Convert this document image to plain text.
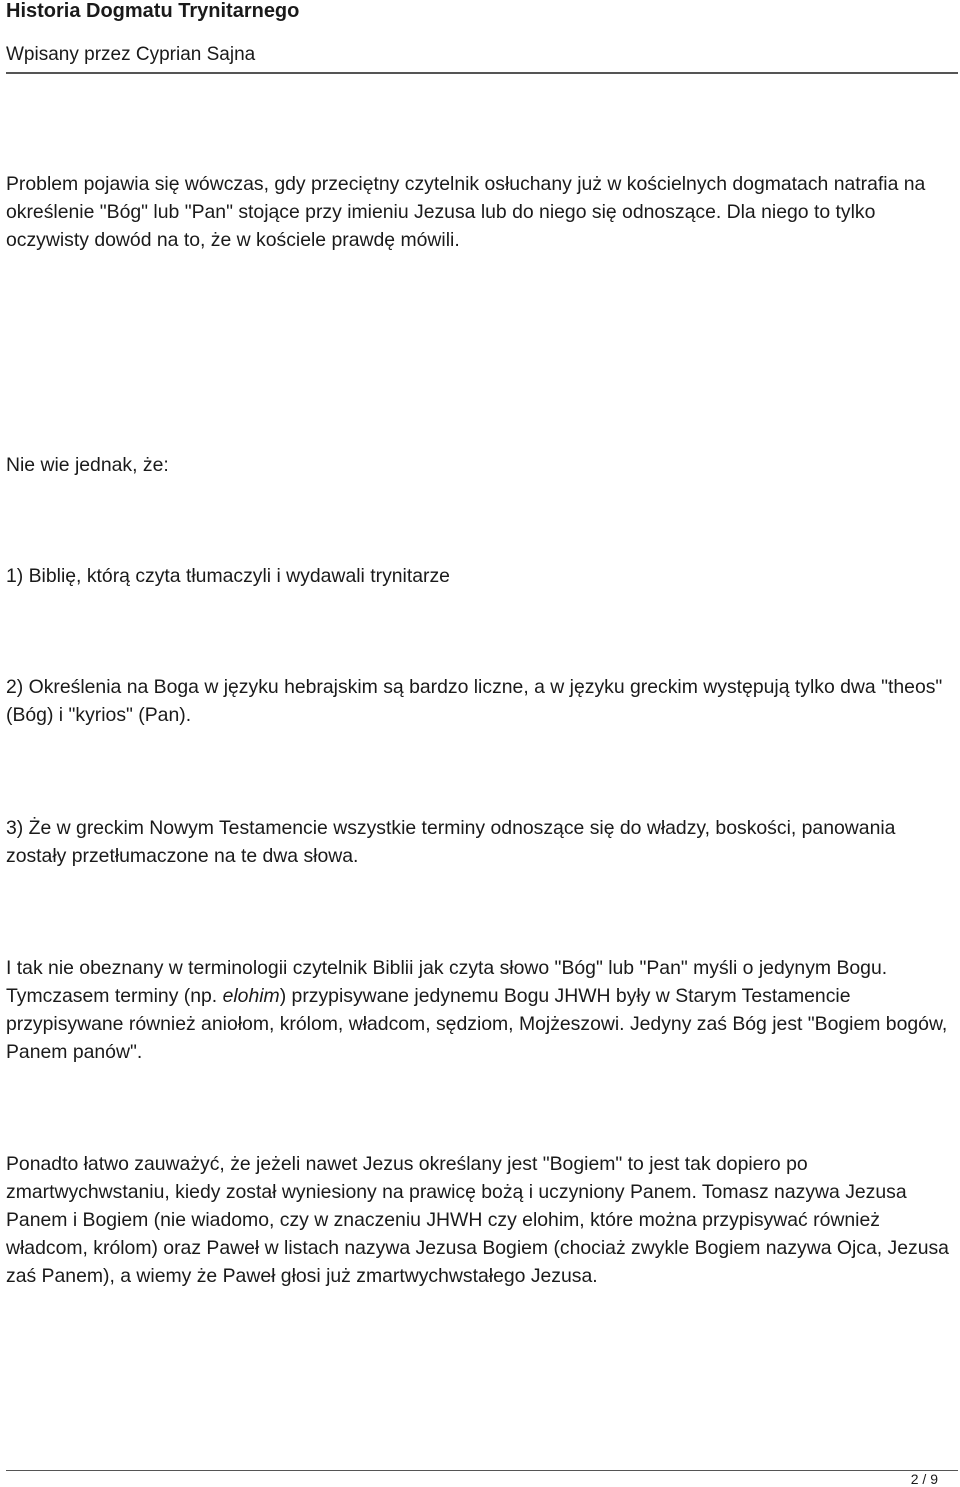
Historia Dogmatu Trynitarnego
Wpisany przez Cyprian Sajna

Problem pojawia się wówczas, gdy przeciętny czytelnik osłuchany już w kościelnych dogmatach natrafia na określenie "Bóg" lub "Pan" stojące przy imieniu Jezusa lub do niego się odnoszące. Dla niego to tylko oczywisty dowód na to, że w kościele prawdę mówili.

Nie wie jednak, że:

1) Biblię, którą czyta tłumaczyli i wydawali trynitarze

2) Określenia na Boga w języku hebrajskim są bardzo liczne, a w języku greckim występują tylko dwa "theos" (Bóg) i "kyrios" (Pan).

3) Że w greckim Nowym Testamencie wszystkie terminy odnoszące się do władzy, boskości, panowania zostały przetłumaczone na te dwa słowa.

I tak nie obeznany w terminologii czytelnik Biblii jak czyta słowo "Bóg" lub "Pan" myśli o jedynym Bogu. Tymczasem terminy (np. elohim) przypisywane jedynemu Bogu JHWH były w Starym Testamencie przypisywane również aniołom, królom, władcom, sędziom, Mojżeszowi. Jedyny zaś Bóg jest "Bogiem bogów, Panem panów".

Ponadto łatwo zauważyć, że jeżeli nawet Jezus określany jest "Bogiem" to jest tak dopiero po zmartwychwstaniu, kiedy został wyniesiony na prawicę bożą i uczyniony Panem. Tomasz nazywa Jezusa Panem i Bogiem (nie wiadomo, czy w znaczeniu JHWH czy elohim, które można przypisywać również władcom, królom) oraz Paweł w listach nazywa Jezusa Bogiem (chociaż zwykle Bogiem nazywa Ojca, Jezusa zaś Panem), a wiemy że Paweł głosi już zmartwychwstałego Jezusa.

2 / 9
